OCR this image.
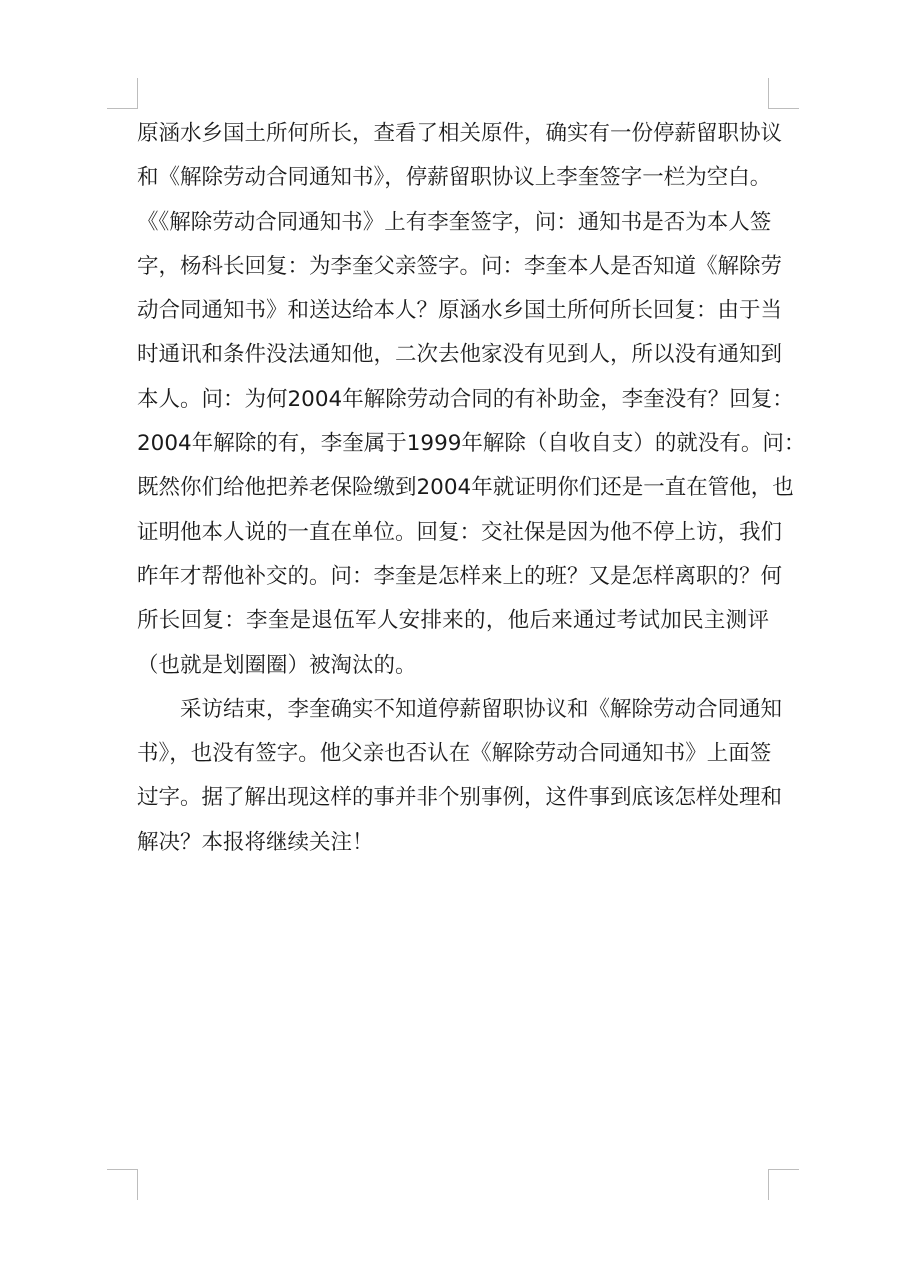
原涵水乡国土所何所长，查看了相关原件，确实有一份停薪留职协议
和《解除劳动合同通知书》，停薪留职协议上李奎签字一栏为空白。
《《解除劳动合同通知书》上有李奎签字，问：通知书是否为本人签
字，杨科长回复：为李奎父亲签字。问：李奎本人是否知道《解除劳
动合同通知书》和送达给本人？原涵水乡国土所何所长回复：由于当
时通讯和条件没法通知他，二次去他家没有见到人，所以没有通知到
本人。问：为何2004年解除劳动合同的有补助金，李奎没有？回复：
2004年解除的有，李奎属于1999年解除（自收自支）的就没有。问：
既然你们给他把养老保险缴到2004年就证明你们还是一直在管他，也
证明他本人说的一直在单位。回复：交社保是因为他不停上访，我们
昨年才帮他补交的。问：李奎是怎样来上的班？又是怎样离职的？何
所长回复：李奎是退伍军人安排来的，他后来通过考试加民主测评
（也就是划圈圈）被淘汰的。
采访结束，李奎确实不知道停薪留职协议和《解除劳动合同通知
书》，也没有签字。他父亲也否认在《解除劳动合同通知书》上面签
过字。据了解出现这样的事并非个别事例，这件事到底该怎样处理和
解决？本报将继续关注！
